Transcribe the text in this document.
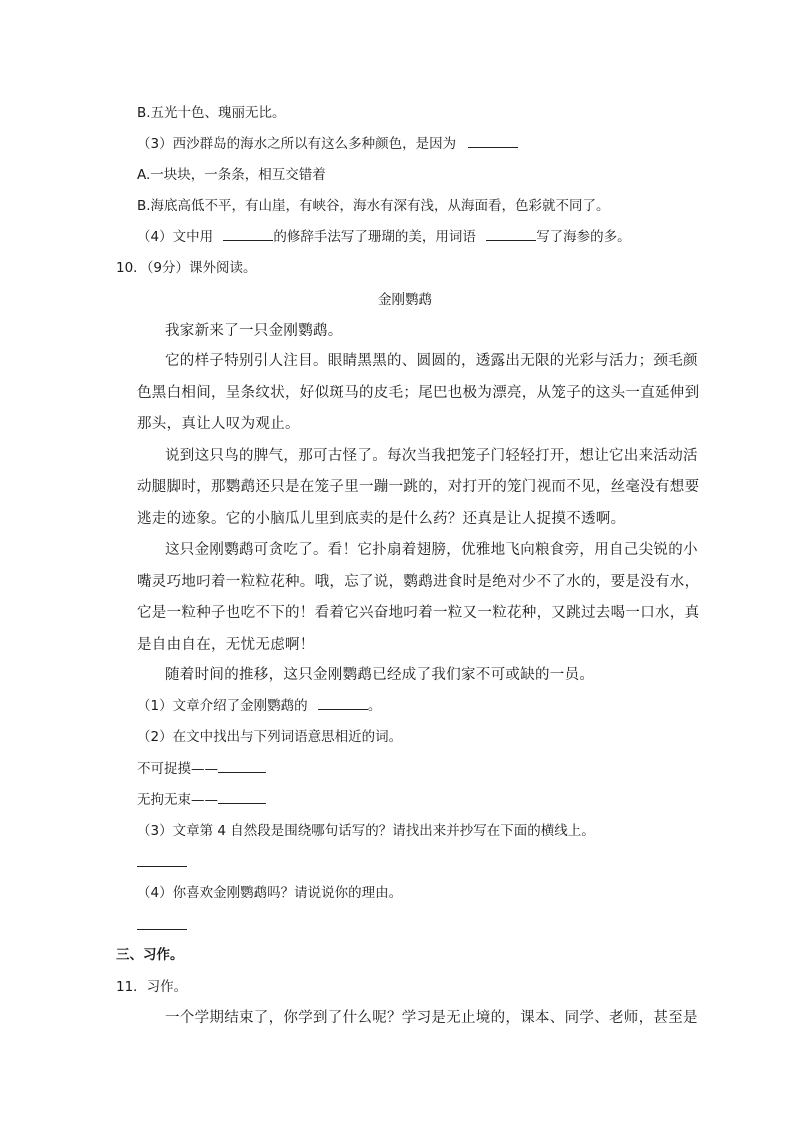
B.五光十色、瑰丽无比。
（3）西沙群岛的海水之所以有这么多种颜色，是因为
A.一块块，一条条，相互交错着
B.海底高低不平，有山崖，有峡谷，海水有深有浅，从海面看，色彩就不同了。
（4）文中用	的修辞手法写了珊瑚的美，用词语	写了海参的多。
10．（9分）课外阅读。
金刚鹦鹉
我家新来了一只金刚鹦鹉。
它的样子特别引人注目。眼睛黑黑的、圆圆的，透露出无限的光彩与活力；颈毛颜
色黑白相间，呈条纹状，好似斑马的皮毛；尾巴也极为漂亮，从笼子的这头一直延伸到
那头，真让人叹为观止。
说到这只鸟的脾气，那可古怪了。每次当我把笼子门轻轻打开，想让它出来活动活
动腿脚时，那鹦鹉还只是在笼子里一蹦一跳的，对打开的笼门视而不见，丝毫没有想要
逃走的迹象。它的小脑瓜儿里到底卖的是什么药？还真是让人捉摸不透啊。
这只金刚鹦鹉可贪吃了。看！它扑扇着翅膀，优雅地飞向粮食旁，用自己尖锐的小
嘴灵巧地叼着一粒粒花种。哦，忘了说，鹦鹉进食时是绝对少不了水的，要是没有水，
它是一粒种子也吃不下的！看着它兴奋地叼着一粒又一粒花种，又跳过去喝一口水，真
是自由自在，无忧无虑啊！
随着时间的推移，这只金刚鹦鹉已经成了我们家不可或缺的一员。
（1）文章介绍了金刚鹦鹉的	。
（2）在文中找出与下列词语意思相近的词。
不可捉摸——
无拘无束——
（3）文章第 4 自然段是围绕哪句话写的？请找出来并抄写在下面的横线上。
（4）你喜欢金刚鹦鹉吗？请说说你的理由。
三、习作。
11．习作。
一个学期结束了，你学到了什么呢？学习是无止境的，课本、同学、老师，甚至是
